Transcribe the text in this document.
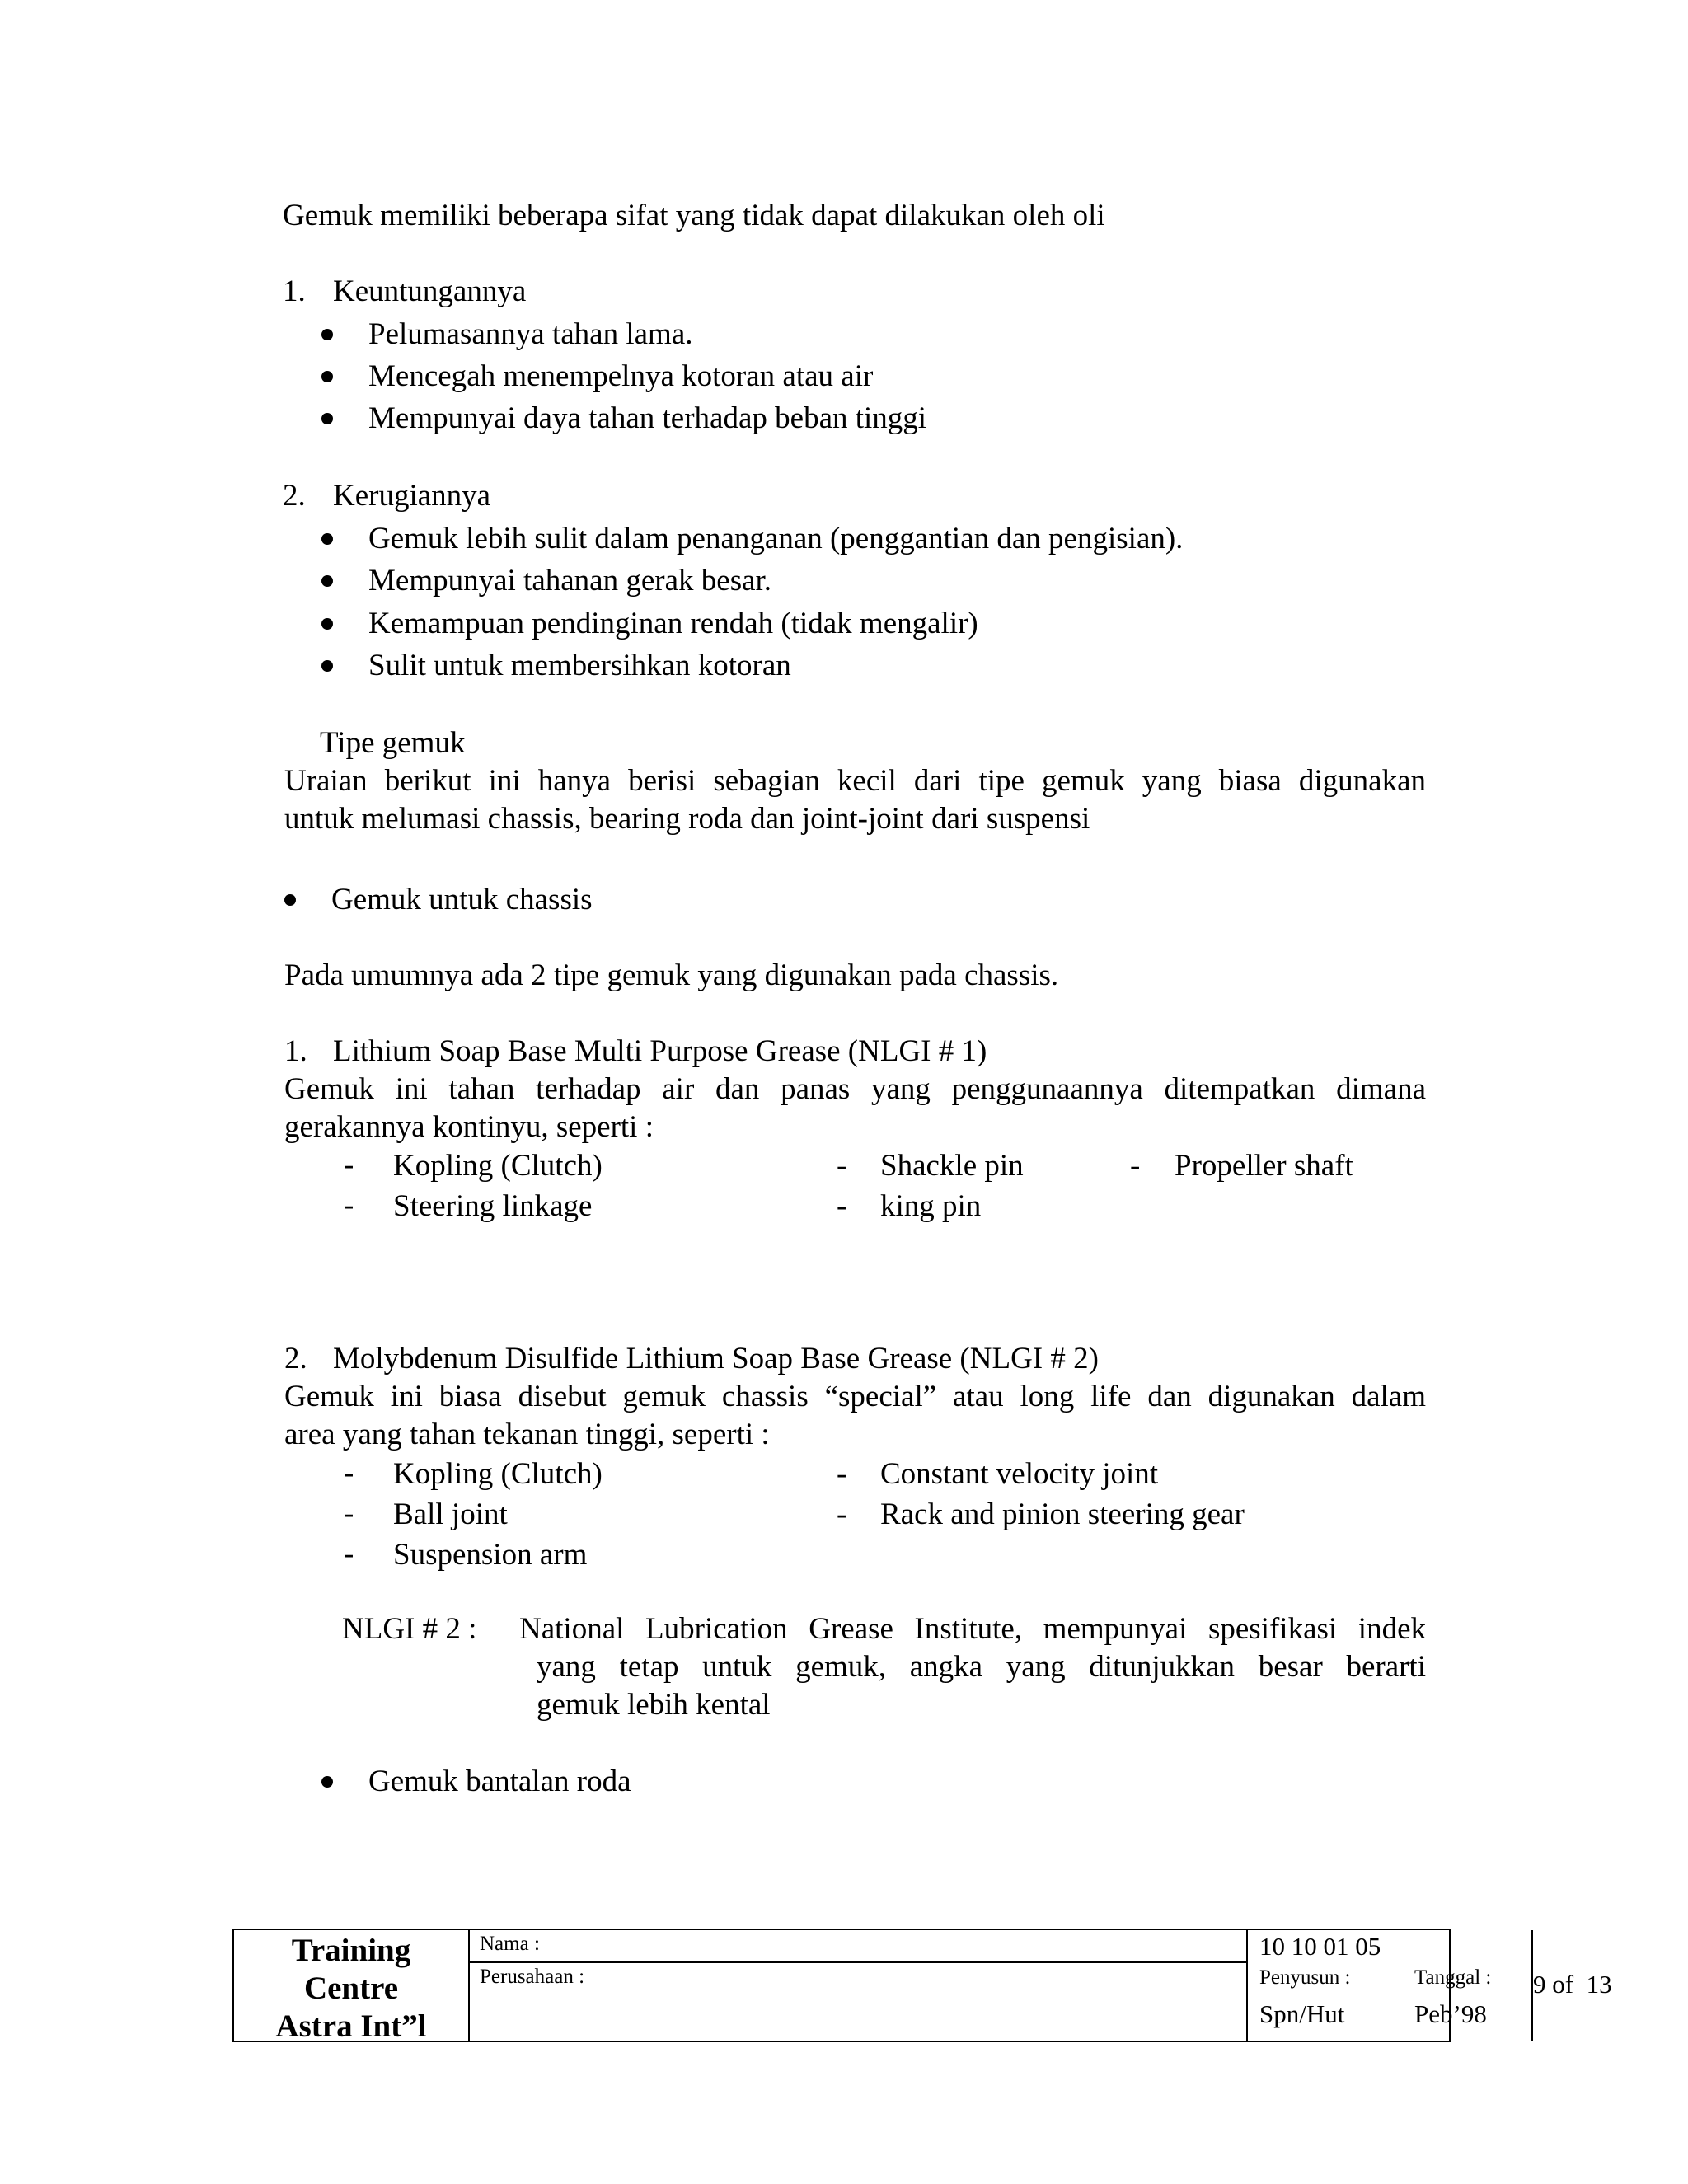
Gemuk memiliki beberapa sifat yang tidak dapat dilakukan oleh oli
1. Keuntungannya
Pelumasannya tahan lama.
Mencegah menempelnya kotoran atau air
Mempunyai daya tahan terhadap beban tinggi
2. Kerugiannya
Gemuk lebih sulit dalam penanganan (penggantian dan pengisian).
Mempunyai tahanan gerak besar.
Kemampuan pendinginan rendah (tidak mengalir)
Sulit untuk membersihkan kotoran
Tipe gemuk
Uraian berikut ini hanya berisi sebagian kecil dari tipe gemuk yang biasa digunakan
untuk melumasi chassis, bearing roda dan joint-joint dari suspensi
Gemuk untuk chassis
Pada umumnya ada 2 tipe gemuk yang digunakan pada chassis.
1. Lithium Soap Base Multi Purpose Grease (NLGI # 1)
Gemuk ini tahan terhadap air dan panas yang penggunaannya ditempatkan dimana
gerakannya kontinyu, seperti :
- Kopling (Clutch)	- Shackle pin	- Propeller shaft
- Steering linkage	- king pin
2. Molybdenum Disulfide Lithium Soap Base Grease (NLGI # 2)
Gemuk ini biasa disebut gemuk chassis “special” atau long life dan digunakan dalam
area yang tahan tekanan tinggi, seperti :
- Kopling (Clutch)	- Constant velocity joint
- Ball joint	- Rack and pinion steering gear
- Suspension arm
NLGI # 2 : National Lubrication Grease Institute, mempunyai spesifikasi indek
yang tetap untuk gemuk, angka yang ditunjukkan besar berarti
gemuk lebih kental
Gemuk bantalan roda
Training
Centre
Astra Int”l
Nama :
Perusahaan :
10 10 01 05
Penyusun :	Tanggal :
Spn/Hut	Peb’98
9 of  13
